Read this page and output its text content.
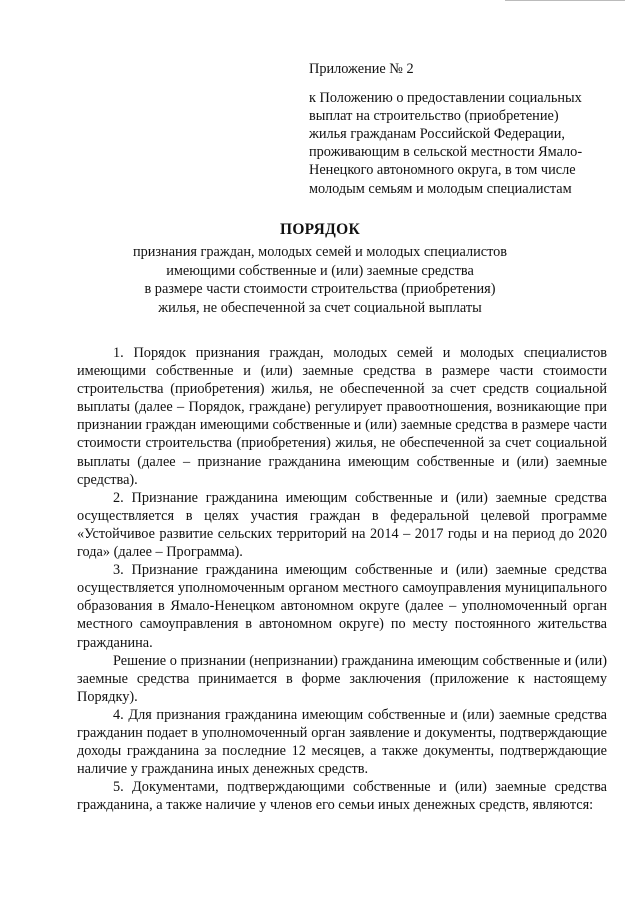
Приложение № 2
к Положению о предоставлении социальных
выплат на строительство (приобретение)
жилья гражданам Российской Федерации,
проживающим в сельской местности Ямало-
Ненецкого автономного округа, в том числе
молодым семьям и молодым специалистам
ПОРЯДОК
признания граждан, молодых семей и молодых специалистов
имеющими собственные и (или) заемные средства
в размере части стоимости строительства (приобретения)
жилья, не обеспеченной за счет социальной выплаты

1. Порядок признания граждан, молодых семей и молодых специалистов имеющими собственные и (или) заемные средства в размере части стоимости строительства (приобретения) жилья, не обеспеченной за счет средств социальной выплаты (далее – Порядок, граждане) регулирует правоотношения, возникающие при признании граждан имеющими собственные и (или) заемные средства в размере части стоимости строительства (приобретения) жилья, не обеспеченной за счет социальной выплаты (далее – признание гражданина имеющим собственные и (или) заемные средства).

2. Признание гражданина имеющим собственные и (или) заемные средства осуществляется в целях участия граждан в федеральной целевой программе «Устойчивое развитие сельских территорий на 2014 – 2017 годы и на период до 2020 года» (далее – Программа).

3. Признание гражданина имеющим собственные и (или) заемные средства осуществляется уполномоченным органом местного самоуправления муниципального образования в Ямало-Ненецком автономном округе (далее – уполномоченный орган местного самоуправления в автономном округе) по месту постоянного жительства гражданина.

Решение о признании (непризнании) гражданина имеющим собственные и (или) заемные средства принимается в форме заключения (приложение к настоящему Порядку).

4. Для признания гражданина имеющим собственные и (или) заемные средства гражданин подает в уполномоченный орган заявление и документы, подтверждающие доходы гражданина за последние 12 месяцев, а также документы, подтверждающие наличие у гражданина иных денежных средств.

5. Документами, подтверждающими собственные и (или) заемные средства гражданина, а также наличие у членов его семьи иных денежных средств, являются:
